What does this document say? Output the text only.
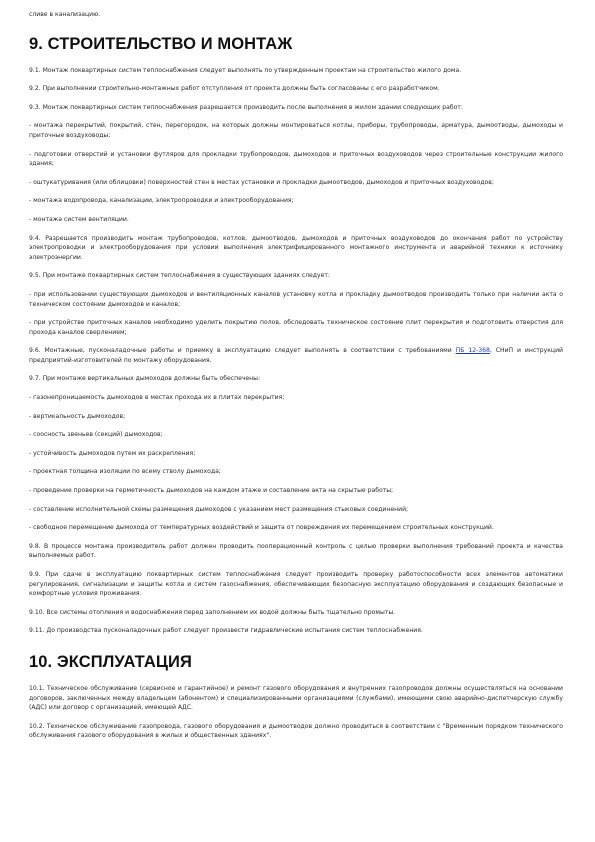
сливе в канализацию.

9. СТРОИТЕЛЬСТВО И МОНТАЖ

9.1. Монтаж поквартирных систем теплоснабжения следует выполнять по утвержденным проектам на строительство жилого дома.

9.2. При выполнении строительно-монтажных работ отступления от проекта должны быть согласованы с его разработчиком.

9.3. Монтаж поквартирных систем теплоснабжения разрешается производить после выполнения в жилом здании следующих работ:

- монтажа перекрытий, покрытий, стен, перегородок, на которых должны монтироваться котлы, приборы, трубопроводы, арматура, дымоотводы, дымоходы и приточные воздуховоды;

- подготовки отверстий и установки футляров для прокладки трубопроводов, дымоходов и приточных воздуховодов через строительные конструкции жилого здания;

- оштукатуривания (или облицовки) поверхностей стен в местах установки и прокладки дымоотводов, дымоходов и приточных воздуховодов;

- монтажа водопровода, канализации, электропроводки и электрооборудования;

- монтажа систем вентиляции.

9.4. Разрешается производить монтаж трубопроводов, котлов, дымоотводов, дымоходов и приточных воздуховодов до окончания работ по устройству электропроводки и электрооборудования при условии выполнения электрифицированного монтажного инструмента и аварийной техники к источнику электроэнергии.

9.5. При монтаже поквартирных систем теплоснабжения в существующих зданиях следует:

- при использовании существующих дымоходов и вентиляционных каналов установку котла и прокладку дымоотводов производить только при наличии акта о техническом состоянии дымоходов и каналов;

- при устройстве приточных каналов необходимо уделить покрытию полов, обследовать техническое состояние плит перекрытия и подготовить отверстия для прохода каналов сверлением;

9.6. Монтажные, пусконаладочные работы и приемку в эксплуатацию следует выполнять в соответствии с требованиями ПБ 12-368, СНиП и инструкций предприятий-изготовителей по монтажу оборудования.

9.7. При монтаже вертикальных дымоходов должны быть обеспечены:

- газонепроницаемость дымоходов в местах прохода их в плитах перекрытия;

- вертикальность дымоходов;

- соосность звеньев (секций) дымоходов;

- устойчивость дымоходов путем их раскрепления;

- проектная толщина изоляции по всему стволу дымохода;

- проведение проверки на герметичность дымоходов на каждом этаже и составление акта на скрытые работы;

- составление исполнительной схемы размещения дымоходов с указанием мест размещения стыковых соединений;

- свободное перемещение дымохода от температурных воздействий и защита от повреждения их перемещением строительных конструкций.

9.8. В процессе монтажа производитель работ должен проводить пооперационный контроль с целью проверки выполнения требований проекта и качества выполняемых работ.

9.9. При сдаче в эксплуатацию поквартирных систем теплоснабжения следует производить проверку работоспособности всех элементов автоматики регулирования, сигнализации и защиты котла и систем газоснабжения, обеспечивающих безопасную эксплуатацию оборудования и создающих безопасные и комфортные условия проживания.

9.10. Все системы отопления и водоснабжения перед заполнением их водой должны быть тщательно промыты.

9.11. До производства пусконаладочных работ следует произвести гидравлические испытания систем теплоснабжения.

10. ЭКСПЛУАТАЦИЯ

10.1. Техническое обслуживание (сервисное и гарантийное) и ремонт газового оборудования и внутренних газопроводов должны осуществляться на основании договоров, заключенных между владельцем (абонентом) и специализированными организациями (службами), имеющими свою аварийно-диспетчерскую службу (АДС) или договор с организацией, имеющей АДС.

10.2. Техническое обслуживание газопровода, газового оборудования и дымоотводов должно проводиться в соответствии с "Временным порядком технического обслуживания газового оборудования в жилых и общественных зданиях".
